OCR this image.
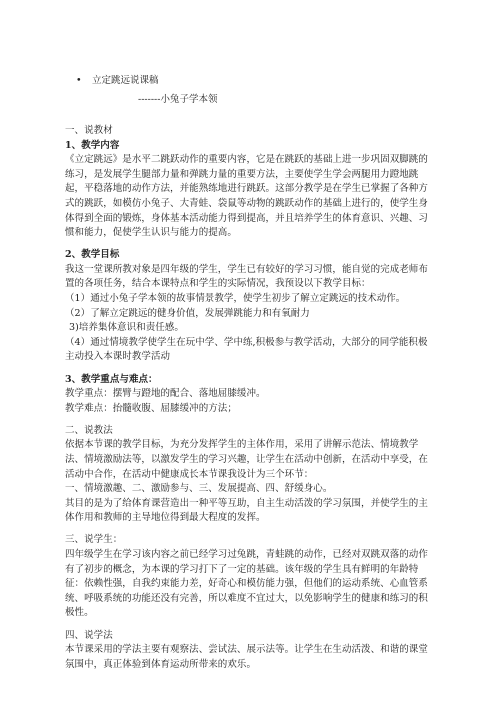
• 立定跳远说课稿
-------小兔子学本领

一、说教材

1、教学内容

《立定跳远》是水平二跳跃动作的重要内容，它是在跳跃的基础上进一步巩固双脚跳的练习，是发展学生腿部力量和弹跳力量的重要方法，主要使学生学会两腿用力蹬地跳起，平稳落地的动作方法，并能熟练地进行跳跃。这部分教学是在学生已掌握了各种方式的跳跃，如模仿小兔子、大青蛙、袋鼠等动物的跳跃动作的基础上进行的，使学生身体得到全面的锻炼，身体基本活动能力得到提高，并且培养学生的体育意识、兴趣、习惯和能力，促使学生认识与能力的提高。

2、教学目标

我这一堂课所教对象是四年级的学生，学生已有较好的学习习惯，能自觉的完成老师布置的各项任务，结合本课特点和学生的实际情况，我预设以下教学目标：

（1）通过小兔子学本领的故事情景教学，使学生初步了解立定跳远的技术动作。

（2）了解立定跳远的健身价值，发展弹跳能力和有氧耐力

3)培养集体意识和责任感。

（4）通过情境教学使学生在玩中学、学中练,积极参与教学活动，大部分的同学能积极主动投入本课时教学活动

3、教学重点与难点：

教学重点：摆臂与蹬地的配合、落地屈膝缓冲。

教学难点：抬髓收腹、屈膝缓冲的方法；

二、说教法

依据本节课的教学目标，为充分发挥学生的主体作用，采用了讲解示范法、情境教学法、情境激励法等，以激发学生的学习兴趣，让学生在活动中创新，在活动中享受，在活动中合作，在活动中健康成长本节课我设计为三个环节：

一、情境激趣、二、激励参与、三、发展提高、四、舒缓身心。

其目的是为了给体育课营造出一种平等互助，自主生动活泼的学习氛围，并使学生的主体作用和教师的主导地位得到最大程度的发挥。

三、说学生：

四年级学生在学习该内容之前已经学习过兔跳，青蛙跳的动作，已经对双跳双落的动作有了初步的概念，为本课的学习打下了一定的基础。该年级的学生具有鲜明的年龄特征：依赖性强，自我约束能力差，好奇心和模仿能力强，但他们的运动系统、心血管系统、呼吸系统的功能还没有完善，所以难度不宜过大，以免影响学生的健康和练习的积极性。

四、说学法

本节课采用的学法主要有观察法、尝试法、展示法等。让学生在生动活泼、和谐的课堂氛围中，真正体验到体育运动所带来的欢乐。
